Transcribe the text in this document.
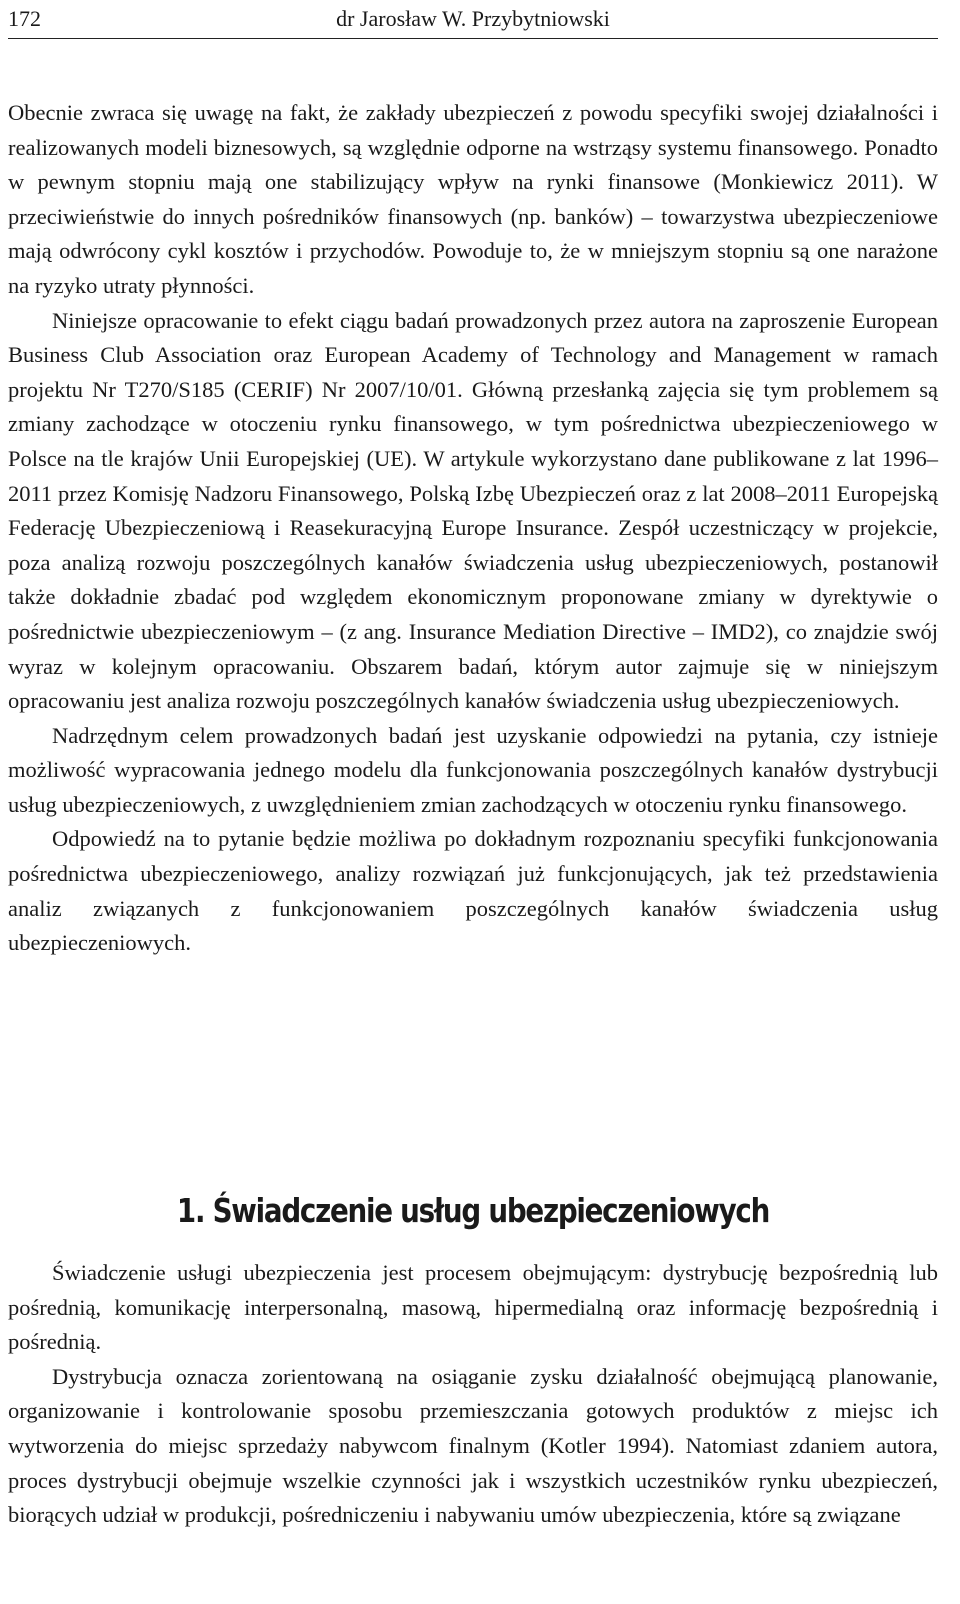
172	dr Jarosław W. Przybytniowski

Obecnie zwraca się uwagę na fakt, że zakłady ubezpieczeń z powodu specyfiki swojej działalności i realizowanych modeli biznesowych, są względnie odporne na wstrząsy systemu finansowego. Ponadto w pewnym stopniu mają one stabilizujący wpływ na rynki finansowe (Monkiewicz 2011). W przeciwieństwie do innych pośredników finansowych (np. banków) – towarzystwa ubezpieczeniowe mają odwrócony cykl kosztów i przychodów. Powoduje to, że w mniejszym stopniu są one narażone na ryzyko utraty płynności.

Niniejsze opracowanie to efekt ciągu badań prowadzonych przez autora na zaproszenie European Business Club Association oraz European Academy of Technology and Management w ramach projektu Nr T270/S185 (CERIF) Nr 2007/10/01. Główną przesłanką zajęcia się tym problemem są zmiany zachodzące w otoczeniu rynku finansowego, w tym pośrednictwa ubezpieczeniowego w Polsce na tle krajów Unii Europejskiej (UE). W artykule wykorzystano dane publikowane z lat 1996–2011 przez Komisję Nadzoru Finansowego, Polską Izbę Ubezpieczeń oraz z lat 2008–2011 Europejską Federację Ubezpieczeniową i Reasekuracyjną Europe Insurance. Zespół uczestniczący w projekcie, poza analizą rozwoju poszczególnych kanałów świadczenia usług ubezpieczeniowych, postanowił także dokładnie zbadać pod względem ekonomicznym proponowane zmiany w dyrektywie o pośrednictwie ubezpieczeniowym – (z ang. Insurance Mediation Directive – IMD2), co znajdzie swój wyraz w kolejnym opracowaniu. Obszarem badań, którym autor zajmuje się w niniejszym opracowaniu jest analiza rozwoju poszczególnych kanałów świadczenia usług ubezpieczeniowych.

Nadrzędnym celem prowadzonych badań jest uzyskanie odpowiedzi na pytania, czy istnieje możliwość wypracowania jednego modelu dla funkcjonowania poszczególnych kanałów dystrybucji usług ubezpieczeniowych, z uwzględnieniem zmian zachodzących w otoczeniu rynku finansowego.

Odpowiedź na to pytanie będzie możliwa po dokładnym rozpoznaniu specyfiki funkcjonowania pośrednictwa ubezpieczeniowego, analizy rozwiązań już funkcjonujących, jak też przedstawienia analiz związanych z funkcjonowaniem poszczególnych kanałów świadczenia usług ubezpieczeniowych.

1. Świadczenie usług ubezpieczeniowych

Świadczenie usługi ubezpieczenia jest procesem obejmującym: dystrybucję bezpośrednią lub pośrednią, komunikację interpersonalną, masową, hipermedialną oraz informację bezpośrednią i pośrednią.

Dystrybucja oznacza zorientowaną na osiąganie zysku działalność obejmującą planowanie, organizowanie i kontrolowanie sposobu przemieszczania gotowych produktów z miejsc ich wytworzenia do miejsc sprzedaży nabywcom finalnym (Kotler 1994). Natomiast zdaniem autora, proces dystrybucji obejmuje wszelkie czynności jak i wszystkich uczestników rynku ubezpieczeń, biorących udział w produkcji, pośredniczeniu i nabywaniu umów ubezpieczenia, które są związane
